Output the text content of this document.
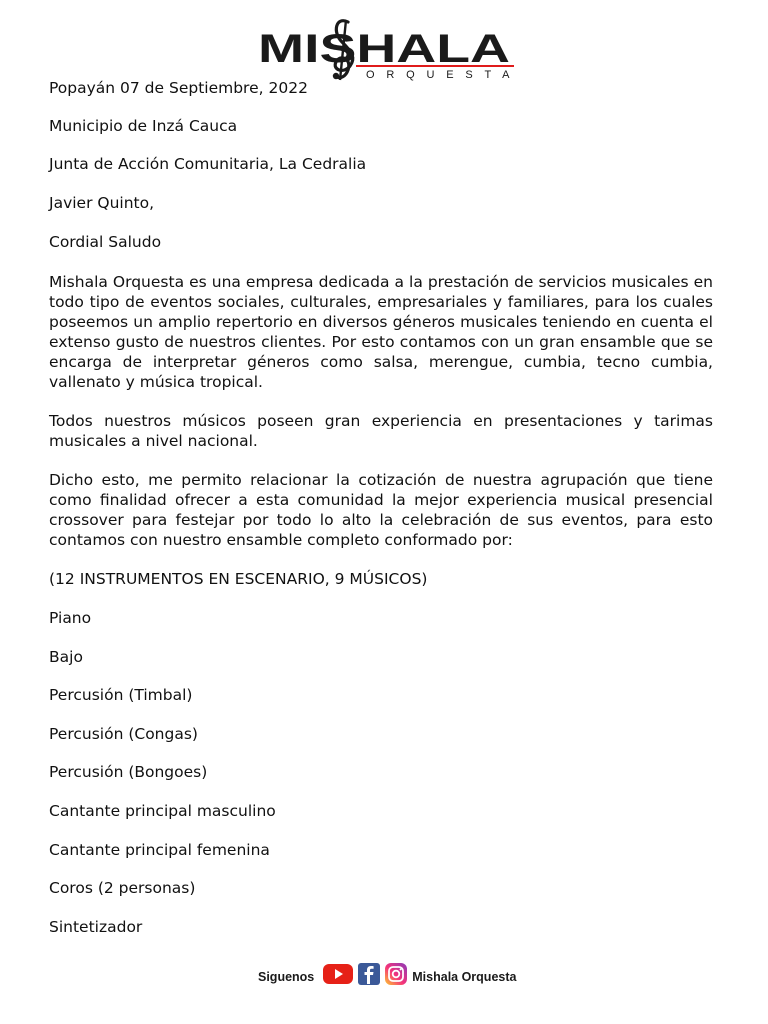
MISHALA
ORQUESTA

Popayán 07 de Septiembre, 2022

Municipio de Inzá Cauca

Junta de Acción Comunitaria, La Cedralia

Javier Quinto,

Cordial Saludo

Mishala Orquesta es una empresa dedicada a la prestación de servicios musicales en todo tipo de eventos sociales, culturales, empresariales y familiares, para los cuales poseemos un amplio repertorio en diversos géneros musicales teniendo en cuenta el extenso gusto de nuestros clientes. Por esto contamos con un gran ensamble que se encarga de interpretar géneros como salsa, merengue, cumbia, tecno cumbia, vallenato y música tropical.

Todos nuestros músicos poseen gran experiencia en presentaciones y tarimas musicales a nivel nacional.

Dicho esto, me permito relacionar la cotización de nuestra agrupación que tiene como finalidad ofrecer a esta comunidad la mejor experiencia musical presencial crossover para festejar por todo lo alto la celebración de sus eventos, para esto contamos con nuestro ensamble completo conformado por:

(12 INSTRUMENTOS EN ESCENARIO, 9 MÚSICOS)

Piano

Bajo

Percusión (Timbal)

Percusión (Congas)

Percusión (Bongoes)

Cantante principal masculino

Cantante principal femenina

Coros (2 personas)

Sintetizador

Siguenos	Mishala Orquesta
